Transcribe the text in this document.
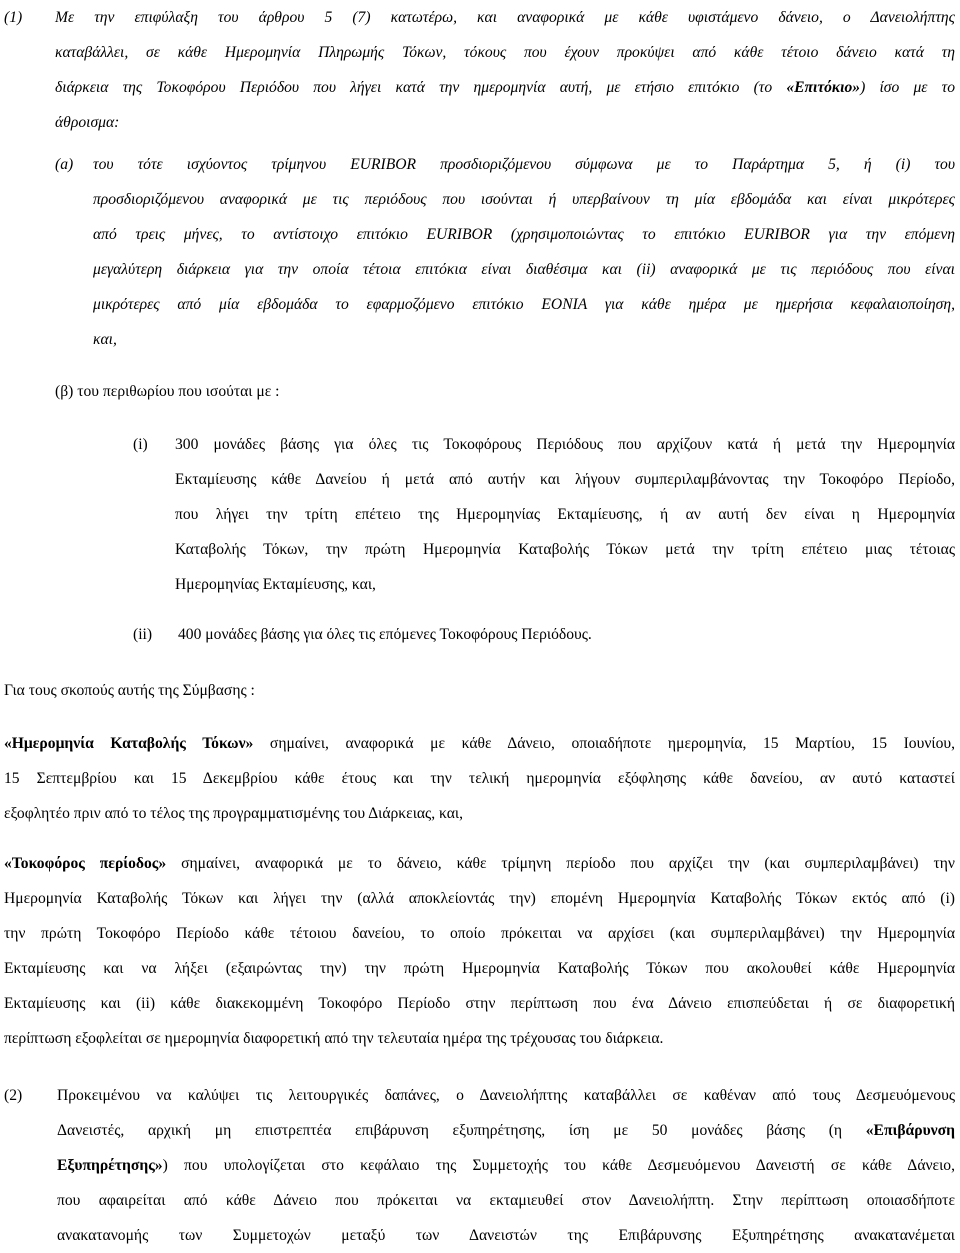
(1)	Με την επιφύλαξη του άρθρου 5 (7) κατωτέρω, και αναφορικά με κάθε υφιστάμενο δάνειο, ο Δανειολήπτης
καταβάλλει, σε κάθε Ημερομηνία Πληρωμής Τόκων, τόκους που έχουν προκύψει από κάθε τέτοιο δάνειο κατά τη
διάρκεια της Τοκοφόρου Περιόδου που λήγει κατά την ημερομηνία αυτή, με ετήσιο επιτόκιο (το «Επιτόκιο») ίσο με το
άθροισμα:
(a)	του τότε ισχύοντος τρίμηνου EURIBOR προσδιοριζόμενου σύμφωνα με το Παράρτημα 5, ή (i) του
προσδιοριζόμενου αναφορικά με τις περιόδους που ισούνται ή υπερβαίνουν τη μία εβδομάδα και είναι μικρότερες
από τρεις μήνες, το αντίστοιχο επιτόκιο EURIBOR (χρησιμοποιώντας το επιτόκιο EURIBOR για την επόμενη
μεγαλύτερη διάρκεια για την οποία τέτοια επιτόκια είναι διαθέσιμα και (ii) αναφορικά με τις περιόδους που είναι
μικρότερες από μία εβδομάδα το εφαρμοζόμενο επιτόκιο EONIA για κάθε ημέρα με ημερήσια κεφαλαιοποίηση,
και,
(β) του περιθωρίου που ισούται με :
(i)	300 μονάδες βάσης για όλες τις Τοκοφόρους Περιόδους που αρχίζουν κατά ή μετά την Ημερομηνία
Εκταμίευσης κάθε Δανείου ή μετά από αυτήν και λήγουν συμπεριλαμβάνοντας την Τοκοφόρο Περίοδο,
που λήγει την τρίτη επέτειο της Ημερομηνίας Εκταμίευσης, ή αν αυτή δεν είναι η Ημερομηνία
Καταβολής Τόκων, την πρώτη Ημερομηνία Καταβολής Τόκων μετά την τρίτη επέτειο μιας τέτοιας
Ημερομηνίας Εκταμίευσης, και,
(ii)	400 μονάδες βάσης για όλες τις επόμενες Τοκοφόρους Περιόδους.
Για τους σκοπούς αυτής της Σύμβασης :
«Ημερομηνία Καταβολής Τόκων» σημαίνει, αναφορικά με κάθε Δάνειο, οποιαδήποτε ημερομηνία, 15 Μαρτίου, 15 Ιουνίου,
15 Σεπτεμβρίου και 15 Δεκεμβρίου κάθε έτους και την τελική ημερομηνία εξόφλησης κάθε δανείου, αν αυτό καταστεί
εξοφλητέο πριν από το τέλος της προγραμματισμένης του Διάρκειας, και,
«Τοκοφόρος περίοδος» σημαίνει, αναφορικά με το δάνειο, κάθε τρίμηνη περίοδο που αρχίζει την (και συμπεριλαμβάνει) την
Ημερομηνία Καταβολής Τόκων και λήγει την (αλλά αποκλείοντάς την) επομένη Ημερομηνία Καταβολής Τόκων εκτός από (i)
την πρώτη Τοκοφόρο Περίοδο κάθε τέτοιου δανείου, το οποίο πρόκειται να αρχίσει (και συμπεριλαμβάνει) την Ημερομηνία
Εκταμίευσης και να λήξει (εξαιρώντας την) την πρώτη Ημερομηνία Καταβολής Τόκων που ακολουθεί κάθε Ημερομηνία
Εκταμίευσης και (ii) κάθε διακεκομμένη Τοκοφόρο Περίοδο στην περίπτωση που ένα Δάνειο επισπεύδεται ή σε διαφορετική
περίπτωση εξοφλείται σε ημερομηνία διαφορετική από την τελευταία ημέρα της τρέχουσας του διάρκεια.
(2)	Προκειμένου να καλύψει τις λειτουργικές δαπάνες, ο Δανειολήπτης καταβάλλει σε καθέναν από τους Δεσμευόμενους
Δανειστές, αρχική μη επιστρεπτέα επιβάρυνση εξυπηρέτησης, ίση με 50 μονάδες βάσης (η «Επιβάρυνση
Εξυπηρέτησης») που υπολογίζεται στο κεφάλαιο της Συμμετοχής του κάθε Δεσμευόμενου Δανειστή σε κάθε Δάνειο,
που αφαιρείται από κάθε Δάνειο που πρόκειται να εκταμιευθεί στον Δανειολήπτη. Στην περίπτωση οποιασδήποτε
ανακατανομής των Συμμετοχών μεταξύ των Δανειστών της Επιβάρυνσης Εξυπηρέτησης ανακατανέμεται
